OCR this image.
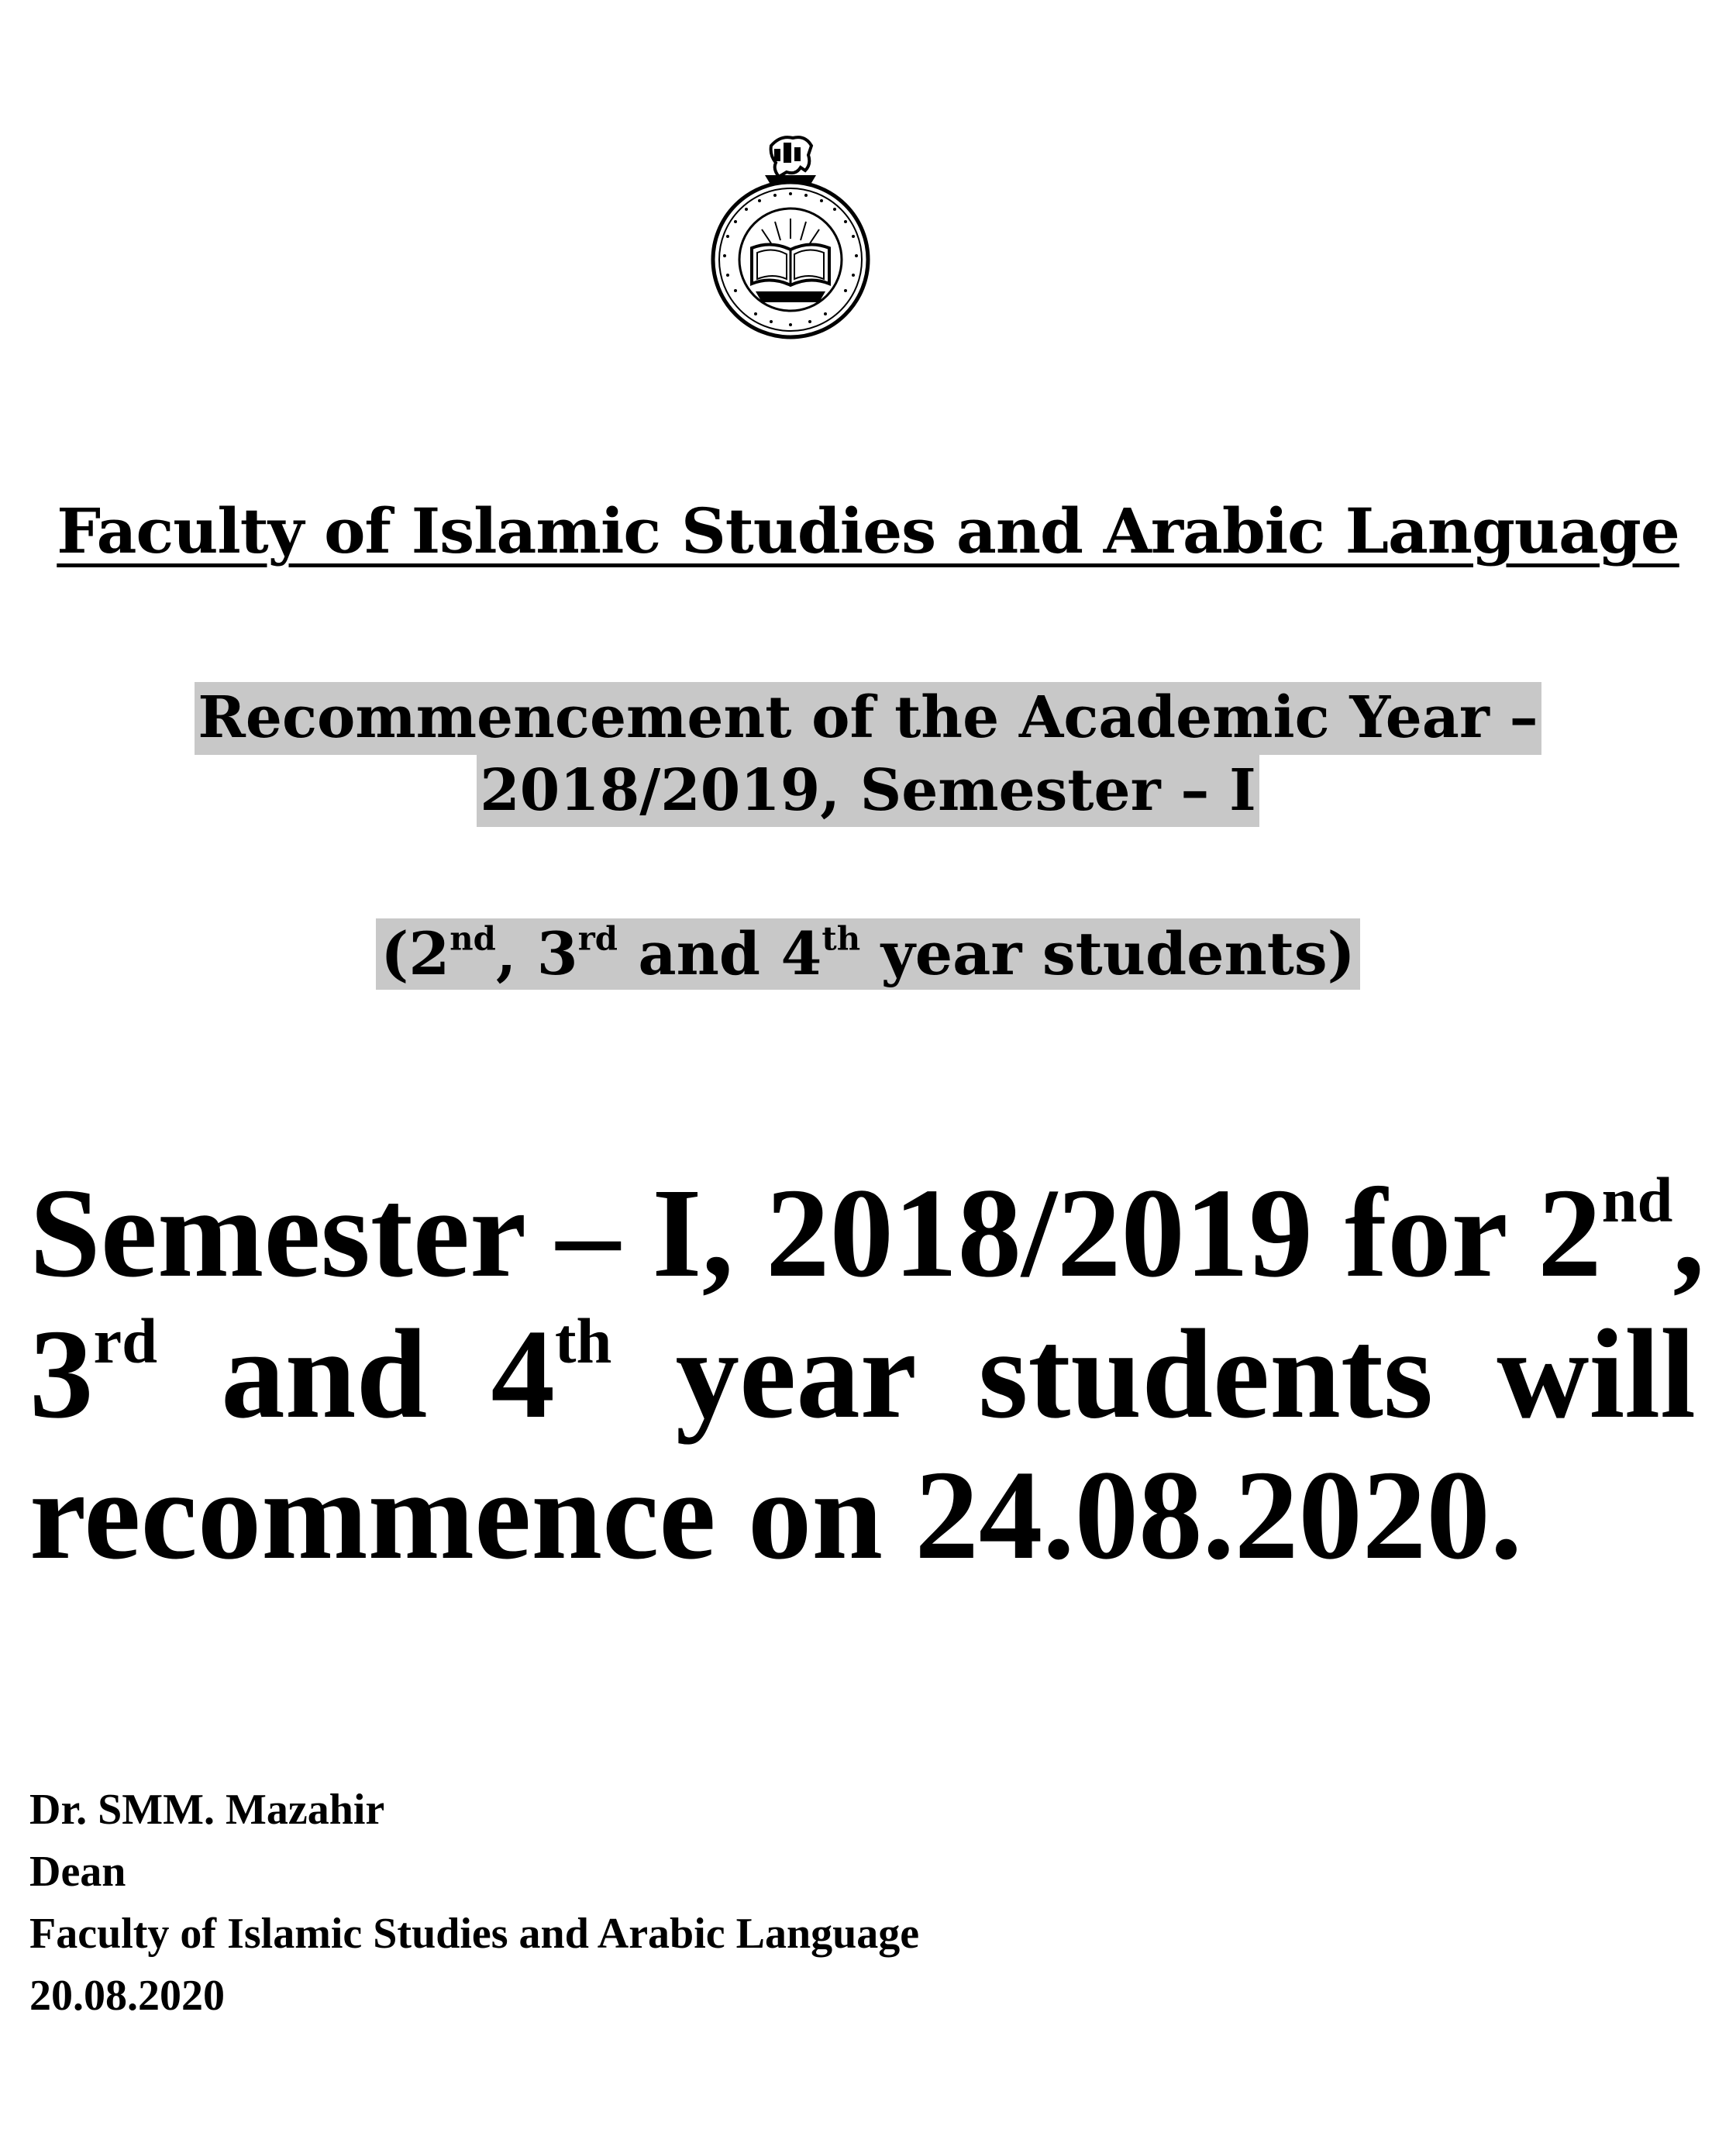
Faculty of Islamic Studies and Arabic Language
Recommencement of the Academic Year –
2018/2019, Semester – I
(2nd, 3rd and 4th year students)
Semester – I, 2018/2019 for 2nd,
3rd and 4th year students will
recommence on 24.08.2020.
Dr. SMM. Mazahir
Dean
Faculty of Islamic Studies and Arabic Language
20.08.2020
